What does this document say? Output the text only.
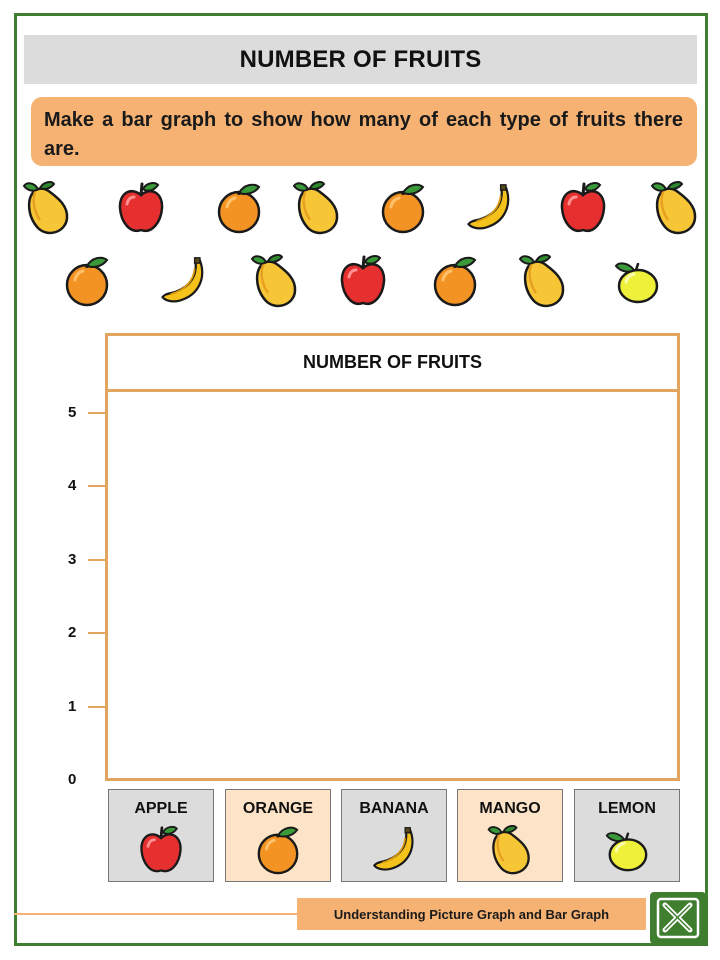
NUMBER OF FRUITS
Make a bar graph to show how many of each type of fruits there are.
NUMBER OF FRUITS
0
1
2
3
4
5
APPLE	ORANGE	BANANA	MANGO	LEMON
Understanding Picture Graph and Bar Graph
